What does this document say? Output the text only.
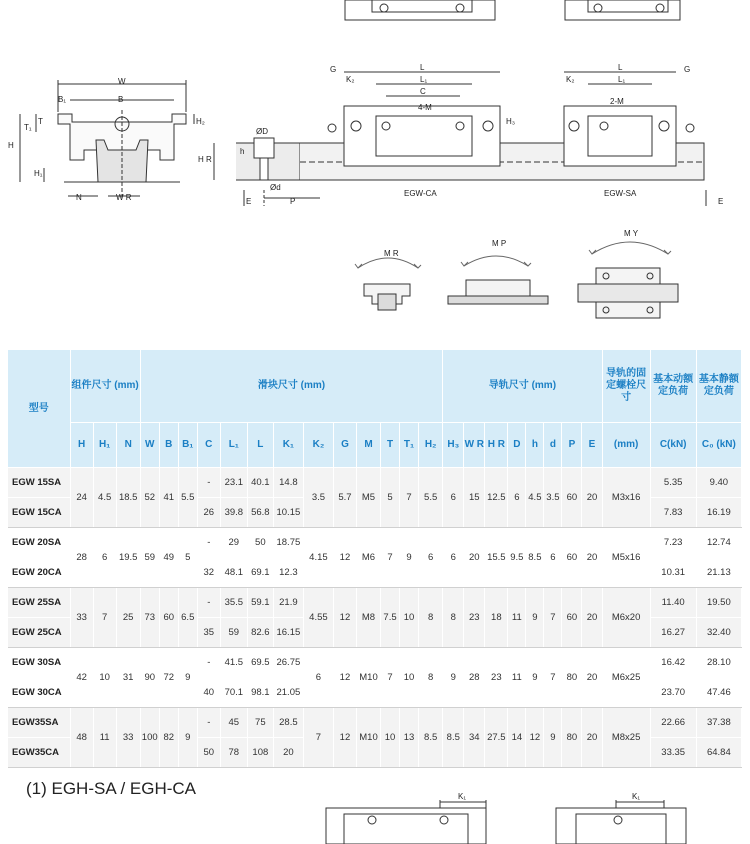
W
B₁	B
T₁
T	H₂
H
H₁
N	W R
ØD
h
H R
Ød
E	P
G
K₂
L
L₁
C
4-M
H₃
EGW-CA
K₂
L
L₁
G
2-M
EGW-SA
E
M R
M P
M Y
型号	组件尺寸 (mm)			滑块尺寸 (mm)													导轨尺寸 (mm)								导轨的固定螺栓尺寸	基本动额定负荷	基本静额定负荷
	H	H₁	N	W	B	B₁	C	L₁	L	K₁	K₂	G	M	T	T₁	H₂	H₃	W R	H R	D	h	d	P	E	(mm)	C(kN)	C₀ (kN)
EGW 15SA	24	4.5	18.5	52	41	5.5	-	23.1	40.1	14.8	3.5	5.7	M5	5	7	5.5	6	15	12.5	6	4.5	3.5	60	20	M3x16	5.35	9.40
EGW 15CA							26	39.8	56.8	10.15																7.83	16.19
EGW 20SA	28	6	19.5	59	49	5	-	29	50	18.75	4.15	12	M6	7	9	6	6	20	15.5	9.5	8.5	6	60	20	M5x16	7.23	12.74
EGW 20CA							32	48.1	69.1	12.3																10.31	21.13
EGW 25SA	33	7	25	73	60	6.5	-	35.5	59.1	21.9	4.55	12	M8	7.5	10	8	8	23	18	11	9	7	60	20	M6x20	11.40	19.50
EGW 25CA							35	59	82.6	16.15																16.27	32.40
EGW 30SA	42	10	31	90	72	9	-	41.5	69.5	26.75	6	12	M10	7	10	8	9	28	23	11	9	7	80	20	M6x25	16.42	28.10
EGW 30CA							40	70.1	98.1	21.05																23.70	47.46
EGW35SA	48	11	33	100	82	9	-	45	75	28.5	7	12	M10	10	13	8.5	8.5	34	27.5	14	12	9	80	20	M8x25	22.66	37.38
EGW35CA							50	78	108	20																33.35	64.84
(1) EGH-SA / EGH-CA	K₁	K₁
